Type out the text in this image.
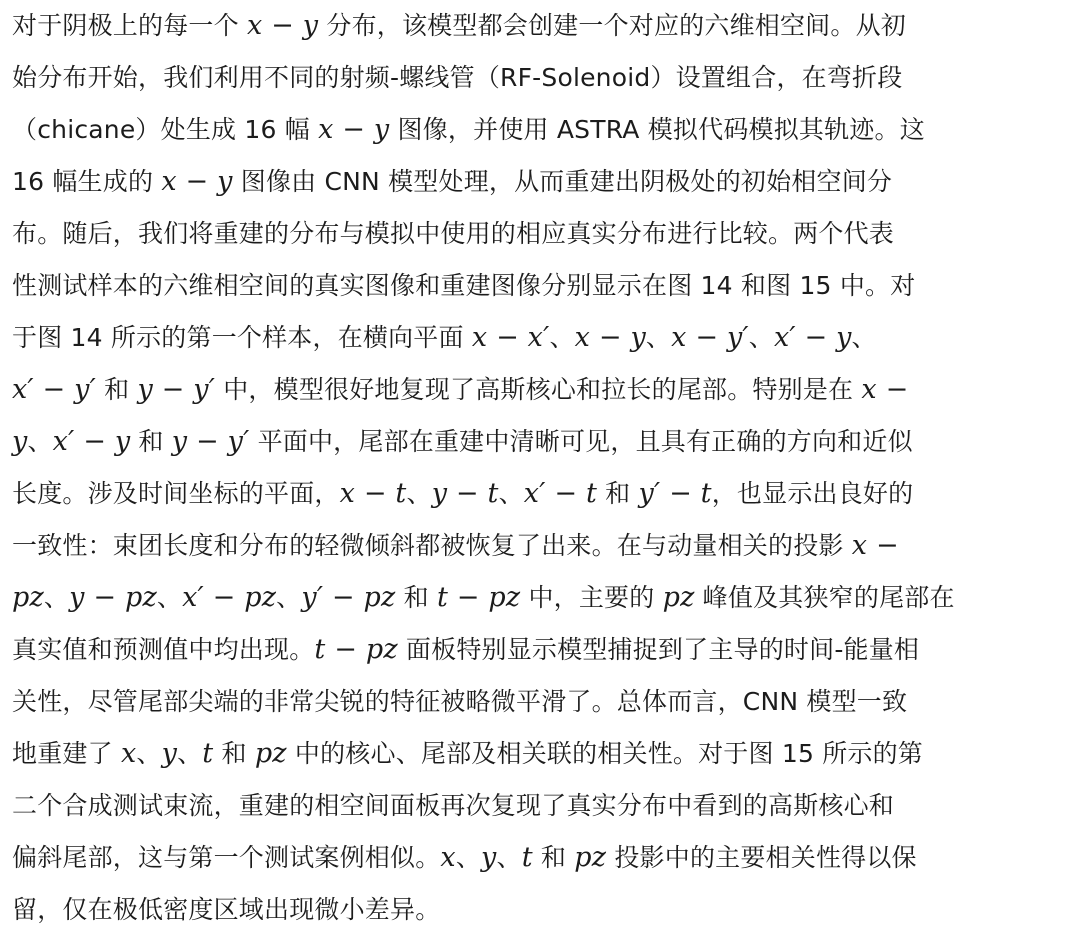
对于阴极上的每一个 x − y 分布，该模型都会创建一个对应的六维相空间。从初
始分布开始，我们利用不同的射频-螺线管（RF-Solenoid）设置组合，在弯折段
（chicane）处生成 16 幅 x − y 图像，并使用 ASTRA 模拟代码模拟其轨迹。这
16 幅生成的 x − y 图像由 CNN 模型处理，从而重建出阴极处的初始相空间分
布。随后，我们将重建的分布与模拟中使用的相应真实分布进行比较。两个代表
性测试样本的六维相空间的真实图像和重建图像分别显示在图 14 和图 15 中。对
于图 14 所示的第一个样本，在横向平面 x − x′、x − y、x − y′、x′ − y、
x′ − y′ 和 y − y′ 中，模型很好地复现了高斯核心和拉长的尾部。特别是在 x −
y、x′ − y 和 y − y′ 平面中，尾部在重建中清晰可见，且具有正确的方向和近似
长度。涉及时间坐标的平面，x − t、y − t、x′ − t 和 y′ − t，也显示出良好的
一致性：束团长度和分布的轻微倾斜都被恢复了出来。在与动量相关的投影 x −
pz、y − pz、x′ − pz、y′ − pz 和 t − pz 中，主要的 pz 峰值及其狭窄的尾部在
真实值和预测值中均出现。t − pz 面板特别显示模型捕捉到了主导的时间-能量相
关性，尽管尾部尖端的非常尖锐的特征被略微平滑了。总体而言，CNN 模型一致
地重建了 x、y、t 和 pz 中的核心、尾部及相关联的相关性。对于图 15 所示的第
二个合成测试束流，重建的相空间面板再次复现了真实分布中看到的高斯核心和
偏斜尾部，这与第一个测试案例相似。x、y、t 和 pz 投影中的主要相关性得以保
留，仅在极低密度区域出现微小差异。
